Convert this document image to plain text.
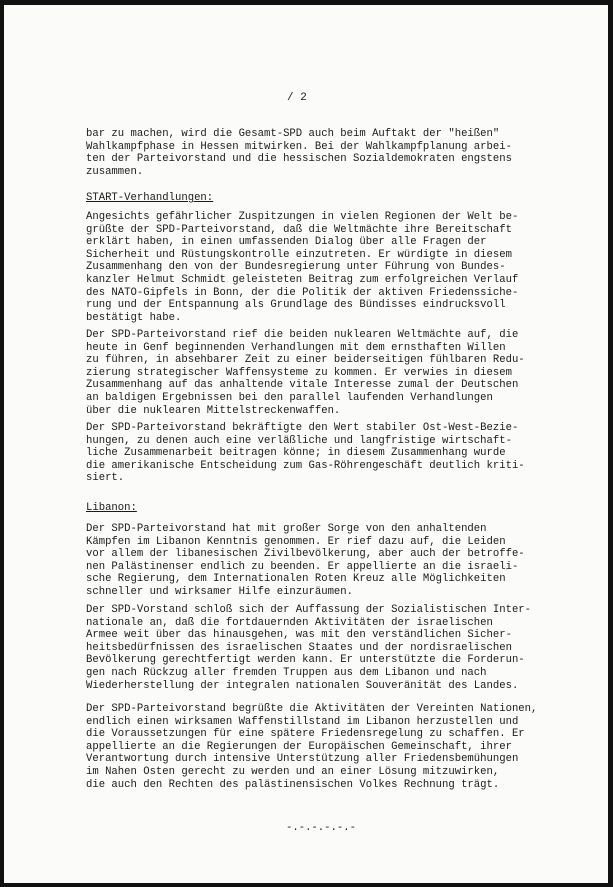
/ 2
bar zu machen, wird die Gesamt-SPD auch beim Auftakt der "heißen"
Wahlkampfphase in Hessen mitwirken. Bei der Wahlkampfplanung arbei-
ten der Parteivorstand und die hessischen Sozialdemokraten engstens
zusammen.
START-Verhandlungen:
Angesichts gefährlicher Zuspitzungen in vielen Regionen der Welt be-
grüßte der SPD-Parteivorstand, daß die Weltmächte ihre Bereitschaft
erklärt haben, in einen umfassenden Dialog über alle Fragen der
Sicherheit und Rüstungskontrolle einzutreten. Er würdigte in diesem
Zusammenhang den von der Bundesregierung unter Führung von Bundes-
kanzler Helmut Schmidt geleisteten Beitrag zum erfolgreichen Verlauf
des NATO-Gipfels in Bonn, der die Politik der aktiven Friedenssiche-
rung und der Entspannung als Grundlage des Bündisses eindrucksvoll
bestätigt habe.
Der SPD-Parteivorstand rief die beiden nuklearen Weltmächte auf, die
heute in Genf beginnenden Verhandlungen mit dem ernsthaften Willen
zu führen, in absehbarer Zeit zu einer beiderseitigen fühlbaren Redu-
zierung strategischer Waffensysteme zu kommen. Er verwies in diesem
Zusammenhang auf das anhaltende vitale Interesse zumal der Deutschen
an baldigen Ergebnissen bei den parallel laufenden Verhandlungen
über die nuklearen Mittelstreckenwaffen.
Der SPD-Parteivorstand bekräftigte den Wert stabiler Ost-West-Bezie-
hungen, zu denen auch eine verläßliche und langfristige wirtschaft-
liche Zusammenarbeit beitragen könne; in diesem Zusammenhang wurde
die amerikanische Entscheidung zum Gas-Röhrengeschäft deutlich kriti-
siert.
Libanon:
Der SPD-Parteivorstand hat mit großer Sorge von den anhaltenden
Kämpfen im Libanon Kenntnis genommen. Er rief dazu auf, die Leiden
vor allem der libanesischen Zivilbevölkerung, aber auch der betroffe-
nen Palästinenser endlich zu beenden. Er appellierte an die israeli-
sche Regierung, dem Internationalen Roten Kreuz alle Möglichkeiten
schneller und wirksamer Hilfe einzuräumen.
Der SPD-Vorstand schloß sich der Auffassung der Sozialistischen Inter-
nationale an, daß die fortdauernden Aktivitäten der israelischen
Armee weit über das hinausgehen, was mit den verständlichen Sicher-
heitsbedürfnissen des israelischen Staates und der nordisraelischen
Bevölkerung gerechtfertigt werden kann. Er unterstützte die Forderun-
gen nach Rückzug aller fremden Truppen aus dem Libanon und nach
Wiederherstellung der integralen nationalen Souveränität des Landes.
Der SPD-Parteivorstand begrüßte die Aktivitäten der Vereinten Nationen,
endlich einen wirksamen Waffenstillstand im Libanon herzustellen und
die Voraussetzungen für eine spätere Friedensregelung zu schaffen. Er
appellierte an die Regierungen der Europäischen Gemeinschaft, ihrer
Verantwortung durch intensive Unterstützung aller Friedensbemühungen
im Nahen Osten gerecht zu werden und an einer Lösung mitzuwirken,
die auch den Rechten des palästinensischen Volkes Rechnung trägt.
-.-.-.-.-.-
